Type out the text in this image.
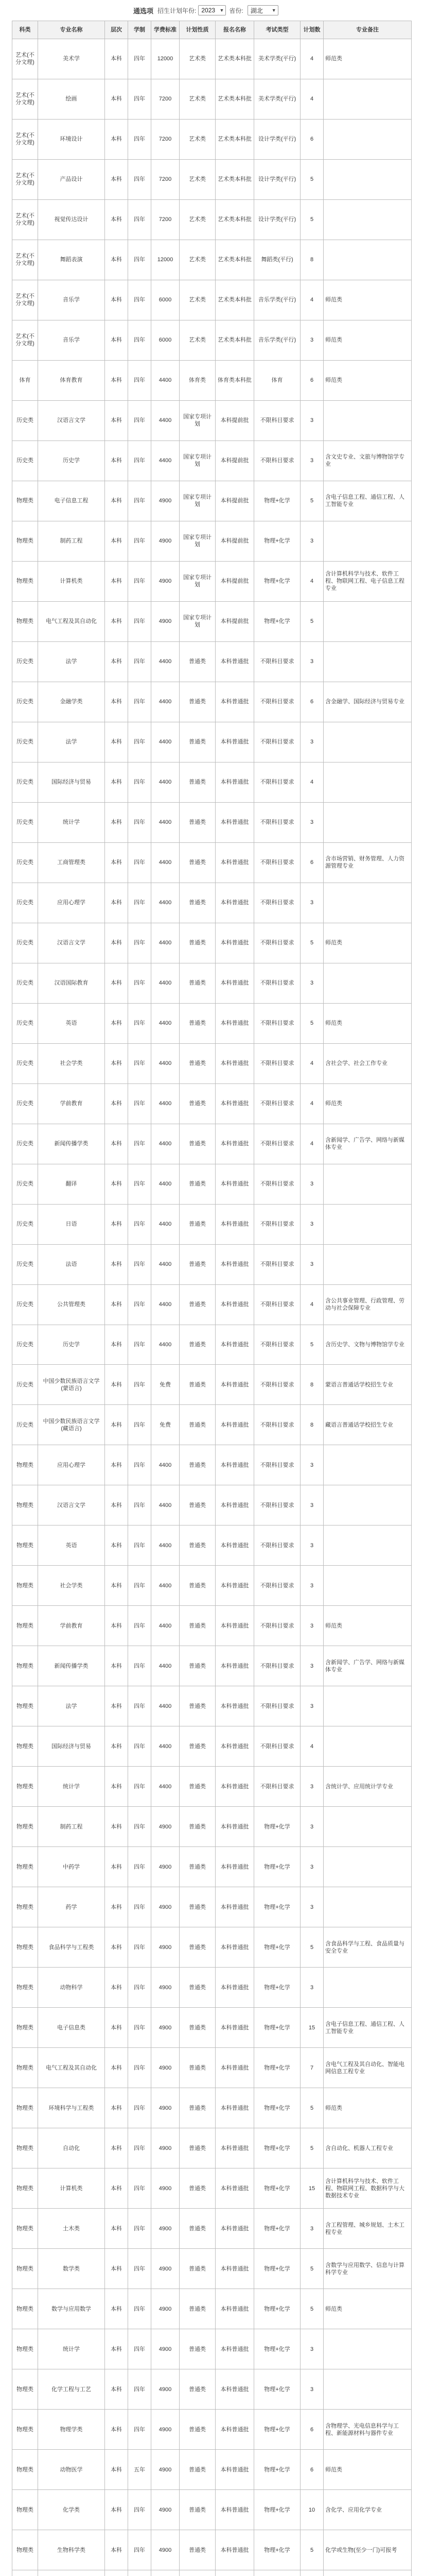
通选项 招生计划年份: 2023 ▼ 省份: 湖北 ▼
科类	专业名称	层次	学制	学费标准	计划性质	报名名称	考试类型	计划数	专业备注
艺术(不分文理)	美术学	本科	四年	12000	艺术类	艺术类本科批	美术学类(平行)	4	师范类
艺术(不分文理)	绘画	本科	四年	7200	艺术类	艺术类本科批	美术学类(平行)	4	
艺术(不分文理)	环境设计	本科	四年	7200	艺术类	艺术类本科批	设计学类(平行)	6	
艺术(不分文理)	产品设计	本科	四年	7200	艺术类	艺术类本科批	设计学类(平行)	5	
艺术(不分文理)	视觉传达设计	本科	四年	7200	艺术类	艺术类本科批	设计学类(平行)	5	
艺术(不分文理)	舞蹈表演	本科	四年	12000	艺术类	艺术类本科批	舞蹈类(平行)	8	
艺术(不分文理)	音乐学	本科	四年	6000	艺术类	艺术类本科批	音乐学类(平行)	4	师范类
艺术(不分文理)	音乐学	本科	四年	6000	艺术类	艺术类本科批	音乐学类(平行)	3	师范类
体育	体育教育	本科	四年	4400	体育类	体育类本科批	体育	6	师范类
历史类	汉语言文学	本科	四年	4400	国家专项计划	本科提前批	不限科目要求	3	
历史类	历史学	本科	四年	4400	国家专项计划	本科提前批	不限科目要求	3	含文史专业、文旅与博物馆学专业
物理类	电子信息工程	本科	四年	4900	国家专项计划	本科提前批	物理+化学	5	含电子信息工程、通信工程、人工智能专业
物理类	制药工程	本科	四年	4900	国家专项计划	本科提前批	物理+化学	3	
物理类	计算机类	本科	四年	4900	国家专项计划	本科提前批	物理+化学	4	含计算机科学与技术、软件工程、物联网工程、电子信息工程专业
物理类	电气工程及其自动化	本科	四年	4900	国家专项计划	本科提前批	物理+化学	5	
历史类	法学	本科	四年	4400	普通类	本科普通批	不限科目要求	3	
历史类	金融学类	本科	四年	4400	普通类	本科普通批	不限科目要求	6	含金融学、国际经济与贸易专业
历史类	法学	本科	四年	4400	普通类	本科普通批	不限科目要求	3	
历史类	国际经济与贸易	本科	四年	4400	普通类	本科普通批	不限科目要求	4	
历史类	统计学	本科	四年	4400	普通类	本科普通批	不限科目要求	3	
历史类	工商管理类	本科	四年	4400	普通类	本科普通批	不限科目要求	6	含市场营销、财务管理、人力资源管理专业
历史类	应用心理学	本科	四年	4400	普通类	本科普通批	不限科目要求	3	
历史类	汉语言文学	本科	四年	4400	普通类	本科普通批	不限科目要求	5	师范类
历史类	汉语国际教育	本科	四年	4400	普通类	本科普通批	不限科目要求	3	
历史类	英语	本科	四年	4400	普通类	本科普通批	不限科目要求	5	师范类
历史类	社会学类	本科	四年	4400	普通类	本科普通批	不限科目要求	4	含社会学、社会工作专业
历史类	学前教育	本科	四年	4400	普通类	本科普通批	不限科目要求	4	师范类
历史类	新闻传播学类	本科	四年	4400	普通类	本科普通批	不限科目要求	4	含新闻学、广告学、网络与新媒体专业
历史类	翻译	本科	四年	4400	普通类	本科普通批	不限科目要求	3	
历史类	日语	本科	四年	4400	普通类	本科普通批	不限科目要求	3	
历史类	法语	本科	四年	4400	普通类	本科普通批	不限科目要求	3	
历史类	公共管理类	本科	四年	4400	普通类	本科普通批	不限科目要求	4	含公共事业管理、行政管理、劳动与社会保障专业
历史类	历史学	本科	四年	4400	普通类	本科普通批	不限科目要求	5	含历史学、文物与博物馆学专业
历史类	中国少数民族语言文学(蒙语言)	本科	四年	免费	普通类	本科普通批	不限科目要求	8	蒙语言普通话学校招生专业
历史类	中国少数民族语言文学(藏语言)	本科	四年	免费	普通类	本科普通批	不限科目要求	8	藏语言普通话学校招生专业
物理类	应用心理学	本科	四年	4400	普通类	本科普通批	不限科目要求	3	
物理类	汉语言文学	本科	四年	4400	普通类	本科普通批	不限科目要求	3	
物理类	英语	本科	四年	4400	普通类	本科普通批	不限科目要求	3	
物理类	社会学类	本科	四年	4400	普通类	本科普通批	不限科目要求	3	
物理类	学前教育	本科	四年	4400	普通类	本科普通批	不限科目要求	3	师范类
物理类	新闻传播学类	本科	四年	4400	普通类	本科普通批	不限科目要求	3	含新闻学、广告学、网络与新媒体专业
物理类	法学	本科	四年	4400	普通类	本科普通批	不限科目要求	3	
物理类	国际经济与贸易	本科	四年	4400	普通类	本科普通批	不限科目要求	4	
物理类	统计学	本科	四年	4400	普通类	本科普通批	不限科目要求	3	含统计学、应用统计学专业
物理类	制药工程	本科	四年	4900	普通类	本科普通批	物理+化学	3	
物理类	中药学	本科	四年	4900	普通类	本科普通批	物理+化学	3	
物理类	药学	本科	四年	4900	普通类	本科普通批	物理+化学	3	
物理类	食品科学与工程类	本科	四年	4900	普通类	本科普通批	物理+化学	5	含食品科学与工程、食品质量与安全专业
物理类	动物科学	本科	四年	4900	普通类	本科普通批	物理+化学	3	
物理类	电子信息类	本科	四年	4900	普通类	本科普通批	物理+化学	15	含电子信息工程、通信工程、人工智能专业
物理类	电气工程及其自动化	本科	四年	4900	普通类	本科普通批	物理+化学	7	含电气工程及其自动化、智能电网信息工程专业
物理类	环境科学与工程类	本科	四年	4900	普通类	本科普通批	物理+化学	5	师范类
物理类	自动化	本科	四年	4900	普通类	本科普通批	物理+化学	5	含自动化、机器人工程专业
物理类	计算机类	本科	四年	4900	普通类	本科普通批	物理+化学	15	含计算机科学与技术、软件工程、物联网工程、数据科学与大数据技术专业
物理类	土木类	本科	四年	4900	普通类	本科普通批	物理+化学	3	含工程管理、城乡规划、土木工程专业
物理类	数学类	本科	四年	4900	普通类	本科普通批	物理+化学	5	含数学与应用数学、信息与计算科学专业
物理类	数学与应用数学	本科	四年	4900	普通类	本科普通批	物理+化学	5	师范类
物理类	统计学	本科	四年	4900	普通类	本科普通批	物理+化学	3	
物理类	化学工程与工艺	本科	四年	4900	普通类	本科普通批	物理+化学	3	
物理类	物理学类	本科	四年	4900	普通类	本科普通批	物理+化学	6	含物理学、光电信息科学与工程、新能源材料与器件专业
物理类	动物医学	本科	五年	4900	普通类	本科普通批	物理+化学	6	师范类
物理类	化学类	本科	四年	4900	普通类	本科普通批	物理+化学	10	含化学、应用化学专业
物理类	生物科学类	本科	四年	4900	普通类	本科普通批	物理+化学	5	化学或生物(至少一门)可报考
